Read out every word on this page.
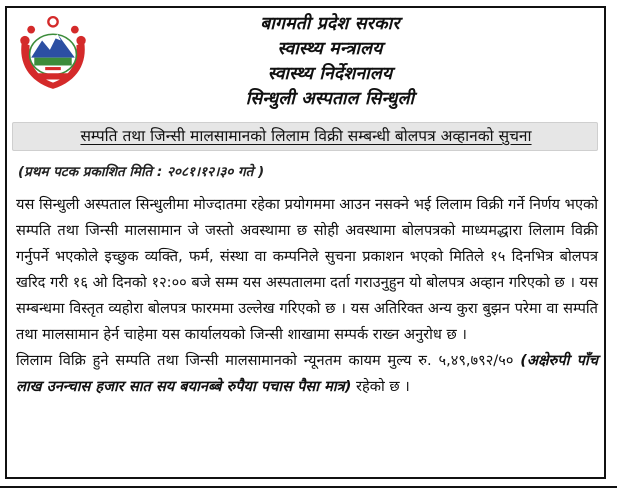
बागमती प्रदेश सरकार
स्वास्थ्य मन्त्रालय
स्वास्थ्य निर्देशनालय
सिन्धुली अस्पताल सिन्धुली
सम्पति तथा जिन्सी मालसामानको लिलाम विक्री सम्बन्धी बोलपत्र अव्हानको सुचना
(प्रथम पटक प्रकाशित मिति : २०८१।१२।३० गते )

यस सिन्धुली अस्पताल सिन्धुलीमा मोज्दातमा रहेका प्रयोगममा आउन नसक्ने भई लिलाम विक्री गर्ने निर्णय भएको सम्पति तथा जिन्सी मालसामान जे जस्तो अवस्थामा छ सोही अवस्थामा बोलपत्रको माध्यमद्धारा लिलाम विक्री गर्नुपर्ने भएकोले इच्छुक व्यक्ति, फर्म, संस्था वा कम्पनिले सुचना प्रकाशन भएको मितिले १५ दिनभित्र बोलपत्र खरिद गरी १६ ओ दिनको १२:०० बजे सम्म यस अस्पतालमा दर्ता गराउनुहुन यो बोलपत्र अव्हान गरिएको छ । यस सम्बन्धमा विस्तृत व्यहोरा बोलपत्र फारममा उल्लेख गरिएको छ । यस अतिरिक्त अन्य कुरा बुझन परेमा वा सम्पति तथा मालसामान हेर्न चाहेमा यस कार्यालयको जिन्सी शाखामा सम्पर्क राख्न अनुरोध छ ।

लिलाम विक्रि हुने सम्पति तथा जिन्सी मालसामानको न्यूनतम कायम मुल्य रु. ५,४९,७९२/५० (अक्षेरुपी पाँच लाख उनन्चास हजार सात सय बयानब्बे रुपैया पचास पैसा मात्र) रहेको छ ।
